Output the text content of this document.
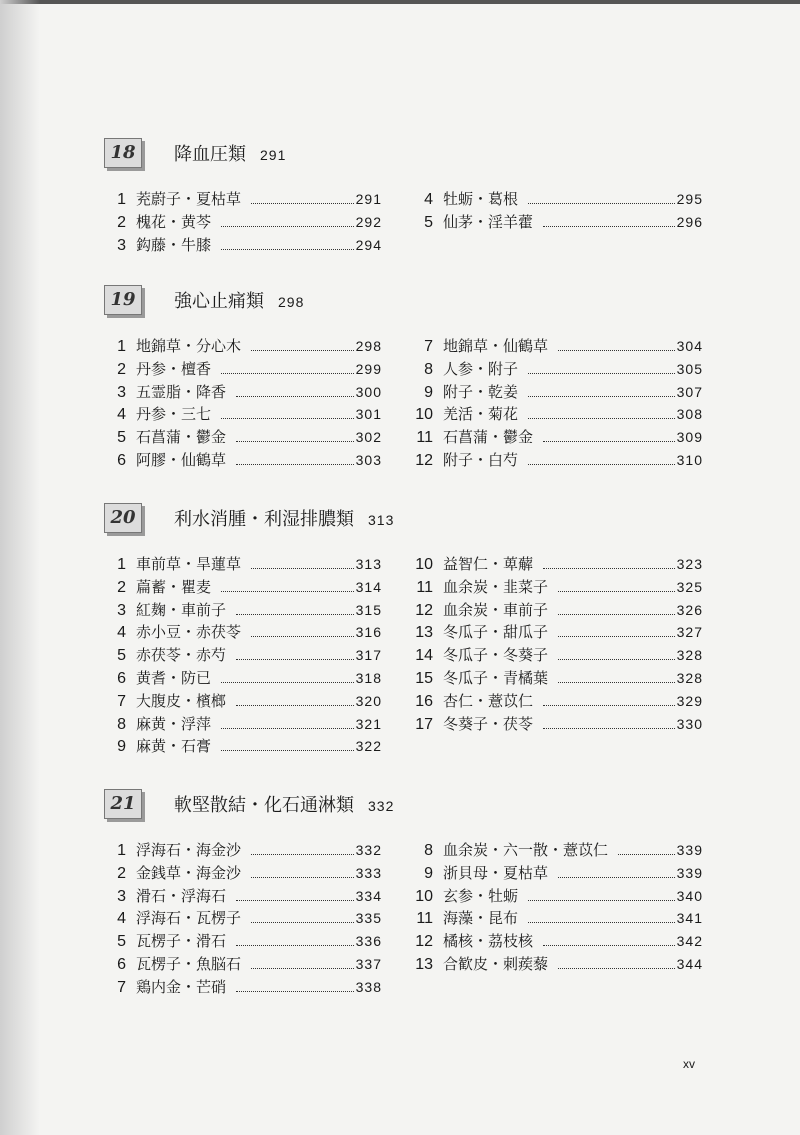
18	降血圧類 291
1 茺蔚子・夏枯草	291
2 槐花・黄芩	292
3 鈎藤・牛膝	294
4 牡蛎・葛根	295
5 仙茅・淫羊藿	296
19	強心止痛類 298
1 地錦草・分心木	298
2 丹参・檀香	299
3 五霊脂・降香	300
4 丹参・三七	301
5 石菖蒲・鬱金	302
6 阿膠・仙鶴草	303
7 地錦草・仙鶴草	304
8 人参・附子	305
9 附子・乾姜	307
10 羌活・菊花	308
11 石菖蒲・鬱金	309
12 附子・白芍	310
20	利水消腫・利湿排膿類 313
1 車前草・旱蓮草	313
2 萹蓄・瞿麦	314
3 紅麹・車前子	315
4 赤小豆・赤茯苓	316
5 赤茯苓・赤芍	317
6 黄耆・防已	318
7 大腹皮・檳榔	320
8 麻黄・浮萍	321
9 麻黄・石膏	322
10 益智仁・萆薢	323
11 血余炭・韭菜子	325
12 血余炭・車前子	326
13 冬瓜子・甜瓜子	327
14 冬瓜子・冬葵子	328
15 冬瓜子・青橘葉	328
16 杏仁・薏苡仁	329
17 冬葵子・茯苓	330
21	軟堅散結・化石通淋類 332
1 浮海石・海金沙	332
2 金銭草・海金沙	333
3 滑石・浮海石	334
4 浮海石・瓦楞子	335
5 瓦楞子・滑石	336
6 瓦楞子・魚脳石	337
7 鶏内金・芒硝	338
8 血余炭・六一散・薏苡仁	339
9 浙貝母・夏枯草	339
10 玄参・牡蛎	340
11 海藻・昆布	341
12 橘核・茘枝核	342
13 合歓皮・刺蒺藜	344
xv
